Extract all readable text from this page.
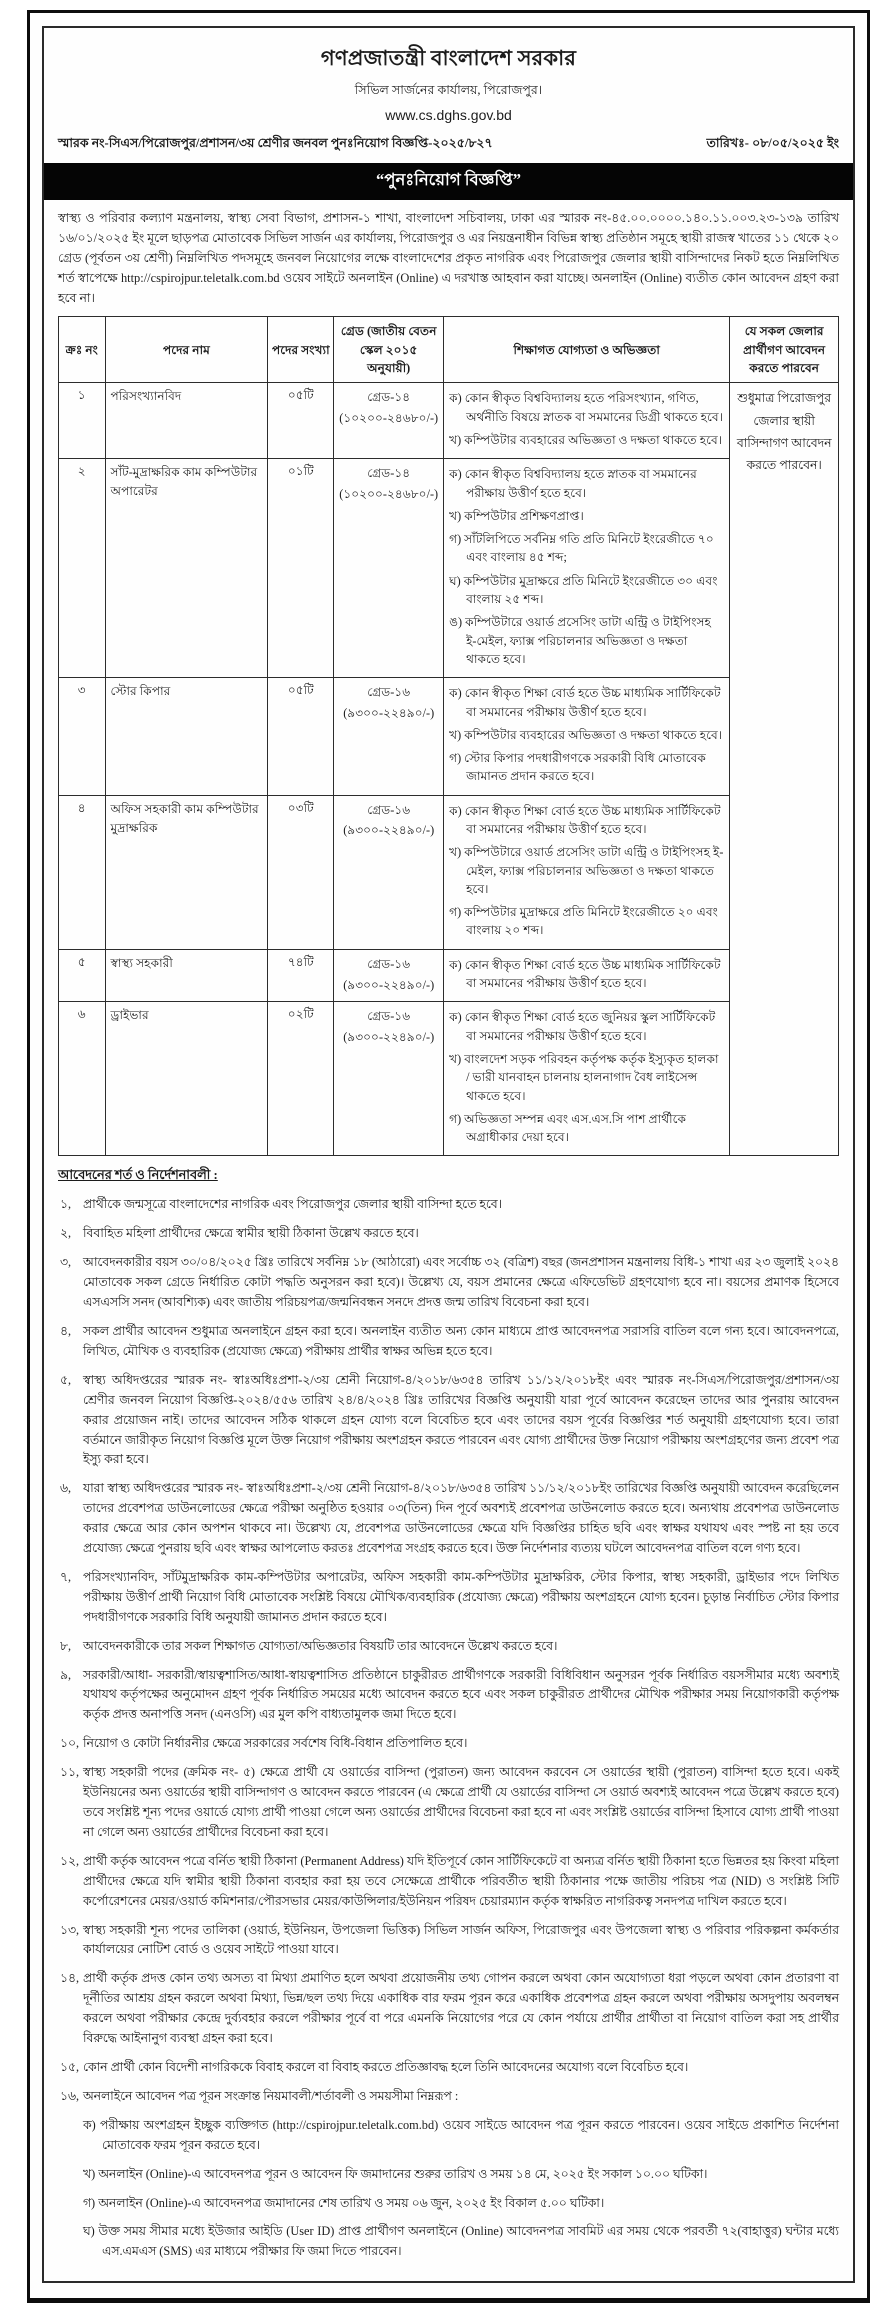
গণপ্রজাতন্ত্রী বাংলাদেশ সরকার
সিভিল সার্জনের কার্যালয়, পিরোজপুর।
www.cs.dghs.gov.bd
স্মারক নং-সিএস/পিরোজপুর/প্রশাসন/৩য় শ্রেণীর জনবল পুনঃনিয়োগ বিজ্ঞপ্তি-২০২৫/৮২৭	তারিখঃ- ০৮/০৫/২০২৫ ইং
“পুনঃনিয়োগ বিজ্ঞপ্তি”

স্বাস্থ্য ও পরিবার কল্যাণ মন্ত্রনালয়, স্বাস্থ্য সেবা বিভাগ, প্রশাসন-১ শাখা, বাংলাদেশ সচিবালয়, ঢাকা এর স্মারক নং-৪৫.০০.০০০০.১৪০.১১.০০৩.২৩-১৩৯ তারিখ ১৬/০১/২০২৫ ইং মূলে ছাড়পত্র মোতাবেক সিভিল সার্জন এর কার্যালয়, পিরোজপুর ও এর নিয়ন্ত্রনাধীন বিভিন্ন স্বাস্থ্য প্রতিষ্ঠান সমূহে স্থায়ী রাজস্ব খাতের ১১ থেকে ২০ গ্রেড (পূর্বতন ৩য় শ্রেণী) নিম্নলিখিত পদসমূহে জনবল নিয়োগের লক্ষে বাংলাদেশের প্রকৃত নাগরিক এবং পিরোজপুর জেলার স্থায়ী বাসিন্দাদের নিকট হতে নিম্নলিখিত শর্ত স্বাপেক্ষে http://cspirojpur.teletalk.com.bd ওয়েব সাইটে অনলাইন (Online) এ দরখাস্ত আহবান করা যাচ্ছে। অনলাইন (Online) ব্যতীত কোন আবেদন গ্রহণ করা হবে না।

ক্রঃ নং	পদের নাম	পদের সংখ্যা	গ্রেড (জাতীয় বেতন স্কেল ২০১৫ অনুযায়ী)	শিক্ষাগত যোগ্যতা ও অভিজ্ঞতা	যে সকল জেলার প্রার্থীগণ আবেদন করতে পারবেন
১	পরিসংখ্যানবিদ	০৫টি	গ্রেড-১৪
(১০২০০-২৪৬৮০/-)

ক) কোন স্বীকৃত বিশ্ববিদ্যালয় হতে পরিসংখ্যান, গণিত, অর্থনীতি বিষয়ে স্নাতক বা সমমানের ডিগ্রী থাকতে হবে।
খ) কম্পিউটার ব্যবহারের অভিজ্ঞতা ও দক্ষতা থাকতে হবে।
	শুধুমাত্র পিরোজপুর জেলার স্থায়ী বাসিন্দাগণ আবেদন করতে পারবেন।
২	সাঁট-মুদ্রাক্ষরিক কাম কম্পিউটার অপারেটর	০১টি	গ্রেড-১৪
(১০২০০-২৪৬৮০/-)

ক) কোন স্বীকৃত বিশ্ববিদ্যালয় হতে স্নাতক বা সমমানের পরীক্ষায় উত্তীর্ণ হতে হবে।
খ) কম্পিউটার প্রশিক্ষণপ্রাপ্ত।
গ) সাঁটলিপিতে সর্বনিম্ন গতি প্রতি মিনিটে ইংরেজীতে ৭০ এবং বাংলায় ৪৫ শব্দ;
ঘ) কম্পিউটার মুদ্রাক্ষরে প্রতি মিনিটে ইংরেজীতে ৩০ এবং বাংলায় ২৫ শব্দ।
ঙ) কম্পিউটারে ওয়ার্ড প্রসেসিং ডাটা এন্ট্রি ও টাইপিংসহ ই-মেইল, ফ্যাক্স পরিচালনার অভিজ্ঞতা ও দক্ষতা থাকতে হবে।

৩	স্টোর কিপার	০৫টি	গ্রেড-১৬
(৯৩০০-২২৪৯০/-)

ক) কোন স্বীকৃত শিক্ষা বোর্ড হতে উচ্চ মাধ্যমিক সার্টিফিকেট বা সমমানের পরীক্ষায় উত্তীর্ণ হতে হবে।
খ) কম্পিউটার ব্যবহারের অভিজ্ঞতা ও দক্ষতা থাকতে হবে।
গ) স্টোর কিপার পদধারীগণকে সরকারী বিধি মোতাবেক জামানত প্রদান করতে হবে।

৪	অফিস সহকারী কাম কম্পিউটার মুদ্রাক্ষরিক	০৩টি	গ্রেড-১৬
(৯৩০০-২২৪৯০/-)

ক) কোন স্বীকৃত শিক্ষা বোর্ড হতে উচ্চ মাধ্যমিক সার্টিফিকেট বা সমমানের পরীক্ষায় উত্তীর্ণ হতে হবে।
খ) কম্পিউটারে ওয়ার্ড প্রসেসিং ডাটা এন্ট্রি ও টাইপিংসহ ই-মেইল, ফ্যাক্স পরিচালনার অভিজ্ঞতা ও দক্ষতা থাকতে হবে।
গ) কম্পিউটার মুদ্রাক্ষরে প্রতি মিনিটে ইংরেজীতে ২০ এবং বাংলায় ২০ শব্দ।

৫	স্বাস্থ্য সহকারী	৭৪টি	গ্রেড-১৬
(৯৩০০-২২৪৯০/-)	ক) কোন স্বীকৃত শিক্ষা বোর্ড হতে উচ্চ মাধ্যমিক সার্টিফিকেট বা সমমানের পরীক্ষায় উত্তীর্ণ হতে হবে।	

৬	ড্রাইভার	০২টি	গ্রেড-১৬
(৯৩০০-২২৪৯০/-)

ক) কোন স্বীকৃত শিক্ষা বোর্ড হতে জুনিয়র স্কুল সার্টিফিকেট বা সমমানের পরীক্ষায় উত্তীর্ণ হতে হবে।
খ) বাংলদেশ সড়ক পরিবহন কর্তৃপক্ষ কর্তৃক ইস্যুকৃত হালকা / ভারী যানবাহন চালনায় হালনাগাদ বৈধ লাইসেন্স থাকতে হবে।
গ) অভিজ্ঞতা সম্পন্ন এবং এস.এস.সি পাশ প্রার্থীকে অগ্রাধীকার দেয়া হবে।
আবেদনের শর্ত ও নির্দেশনাবলী :
১, প্রার্থীকে জন্মসূত্রে বাংলাদেশের নাগরিক এবং পিরোজপুর জেলার স্থায়ী বাসিন্দা হতে হবে।
২, বিবাহিত মহিলা প্রার্থীদের ক্ষেত্রে স্বামীর স্থায়ী ঠিকানা উল্লেখ করতে হবে।
৩, আবেদনকারীর বয়স ৩০/০৪/২০২৫ খ্রিঃ তারিখে সর্বনিম্ন ১৮ (আঠারো) এবং সর্বোচ্চ ৩২ (বত্রিশ) বছর (জনপ্রশাসন মন্ত্রনালয় বিধি-১ শাখা এর ২৩ জুলাই ২০২৪ মোতাবেক সকল গ্রেডে নির্ধারিত কোটা পদ্ধতি অনুসরন করা হবে)। উল্লেখ্য যে, বয়স প্রমানের ক্ষেত্রে এফিডেভিট গ্রহণযোগ্য হবে না। বয়সের প্রমাণক হিসেবে এসএসসি সনদ (আবশ্যিক) এবং জাতীয় পরিচয়পত্র/জন্মনিবন্ধন সনদে প্রদত্ত জন্ম তারিখ বিবেচনা করা হবে।
৪, সকল প্রার্থীর আবেদন শুধুমাত্র অনলাইনে গ্রহন করা হবে। অনলাইন ব্যতীত অন্য কোন মাধ্যমে প্রাপ্ত আবেদনপত্র সরাসরি বাতিল বলে গন্য হবে। আবেদনপত্রে, লিখিত, মৌখিক ও ব্যবহারিক (প্রযোজ্য ক্ষেত্রে) পরীক্ষায় প্রার্থীর স্বাক্ষর অভিন্ন হতে হবে।
৫, স্বাস্থ্য অধিদপ্তরের স্মারক নং- স্বাঃঅধিঃপ্রশা-২/৩য় শ্রেনী নিয়োগ-৪/২০১৮/৬৩৫৪ তারিখ ১১/১২/২০১৮ইং এবং স্মারক নং-সিএস/পিরোজপুর/প্রশাসন/৩য় শ্রেণীর জনবল নিয়োগ বিজ্ঞপ্তি-২০২৪/৫৫৬ তারিখ ২৪/৪/২০২৪ খ্রিঃ তারিখের বিজ্ঞপ্তি অনুযায়ী যারা পূর্বে আবেদন করেছেন তাদের আর পুনরায় আবেদন করার প্রয়োজন নাই। তাদের আবেদন সঠিক থাকলে গ্রহন যোগ্য বলে বিবেচিত হবে এবং তাদের বয়স পূর্বের বিজ্ঞপ্তির শর্ত অনুযায়ী গ্রহণযোগ্য হবে। তারা বর্তমানে জারীকৃত নিয়োগ বিজ্ঞপ্তি মূলে উক্ত নিয়োগ পরীক্ষায় অংশগ্রহন করতে পারবেন এবং যোগ্য প্রার্থীদের উক্ত নিয়োগ পরীক্ষায় অংশগ্রহণের জন্য প্রবেশ পত্র ইস্যু করা হবে।
৬, যারা স্বাস্থ্য অধিদপ্তরের স্মারক নং- স্বাঃঅধিঃপ্রশা-২/৩য় শ্রেনী নিয়োগ-৪/২০১৮/৬৩৫৪ তারিখ ১১/১২/২০১৮ইং তারিখের বিজ্ঞপ্তি অনুযায়ী আবেদন করেছিলেন তাদের প্রবেশপত্র ডাউনলোডের ক্ষেত্রে পরীক্ষা অনুষ্ঠিত হওয়ার ০৩(তিন) দিন পূর্বে অবশ্যই প্রবেশপত্র ডাউনলোড করতে হবে। অন্যথায় প্রবেশপত্র ডাউনলোড করার ক্ষেত্রে আর কোন অপশন থাকবে না। উল্লেখ্য যে, প্রবেশপত্র ডাউনলোডের ক্ষেত্রে যদি বিজ্ঞপ্তির চাহিত ছবি এবং স্বাক্ষর যথাযথ এবং স্পষ্ট না হয় তবে প্রযোজ্য ক্ষেত্রে পুনরায় ছবি এবং স্বাক্ষর আপলোড করতঃ প্রবেশপত্র সংগ্রহ করতে হবে। উক্ত নির্দেশনার ব্যত্যয় ঘটলে আবেদনপত্র বাতিল বলে গণ্য হবে।
৭, পরিসংখ্যানবিদ, সাঁটমুদ্রাক্ষরিক কাম-কম্পিউটার অপারেটর, অফিস সহকারী কাম-কম্পিউটার মুদ্রাক্ষরিক, স্টোর কিপার, স্বাস্থ্য সহকারী, ড্রাইভার পদে লিখিত পরীক্ষায় উত্তীর্ণ প্রার্থী নিয়োগ বিধি মোতাবেক সংশ্লিষ্ট বিষয়ে মৌখিক/ব্যবহারিক (প্রযোজ্য ক্ষেত্রে) পরীক্ষায় অংশগ্রহনে যোগ্য হবেন। চূড়ান্ত নির্বাচিত স্টোর কিপার পদধারীগণকে সরকারি বিধি অনুযায়ী জামানত প্রদান করতে হবে।
৮, আবেদনকারীকে তার সকল শিক্ষাগত যোগ্যতা/অভিজ্ঞতার বিষয়টি তার আবেদনে উল্লেখ করতে হবে।
৯, সরকারী/আধা- সরকারী/স্বায়ত্বশাসিত/আধা-স্বায়ত্বশাসিত প্রতিষ্ঠানে চাকুরীরত প্রার্থীগণকে সরকারী বিধিবিধান অনুসরন পূর্বক নির্ধারিত বয়সসীমার মধ্যে অবশ্যই যথাযথ কর্তৃপক্ষের অনুমোদন গ্রহণ পূর্বক নির্ধারিত সময়ের মধ্যে আবেদন করতে হবে এবং সকল চাকুরীরত প্রার্থীদের মৌখিক পরীক্ষার সময় নিয়োগকারী কর্তৃপক্ষ কর্তৃক প্রদত্ত অনাপত্তি সনদ (এনওসি) এর মুল কপি বাধ্যতামুলক জমা দিতে হবে।
১০, নিয়োগ ও কোটা নির্ধারনীর ক্ষেত্রে সরকারের সর্বশেষ বিধি-বিধান প্রতিপালিত হবে।
১১, স্বাস্থ্য সহকারী পদের (ক্রমিক নং- ৫) ক্ষেত্রে প্রার্থী যে ওয়ার্ডের বাসিন্দা (পুরাতন) জন্য আবেদন করবেন সে ওয়ার্ডের স্থায়ী (পুরাতন) বাসিন্দা হতে হবে। একই ইউনিয়নের অন্য ওয়ার্ডের স্থায়ী বাসিন্দাগণ ও আবেদন করতে পারবেন (এ ক্ষেত্রে প্রার্থী যে ওয়ার্ডের বাসিন্দা সে ওয়ার্ড অবশ্যই আবেদন পত্রে উল্লেখ করতে হবে) তবে সংশ্লিষ্ট শূন্য পদের ওয়ার্ডে যোগ্য প্রার্থী পাওয়া গেলে অন্য ওয়ার্ডের প্রার্থীদের বিবেচনা করা হবে না এবং সংশ্লিষ্ট ওয়ার্ডের বাসিন্দা হিসাবে যোগ্য প্রার্থী পাওয়া না গেলে অন্য ওয়ার্ডের প্রার্থীদের বিবেচনা করা হবে।
১২, প্রার্থী কর্তৃক আবেদন পত্রে বর্নিত স্থায়ী ঠিকানা (Permanent Address) যদি ইতিপূর্বে কোন সার্টিফিকেটে বা অন্যত্র বর্নিত স্থায়ী ঠিকানা হতে ভিন্নতর হয় কিংবা মহিলা প্রার্থীদের ক্ষেত্রে যদি স্বামীর স্থায়ী ঠিকানা ব্যবহার করা হয় তবে সেক্ষেত্রে প্রার্থীকে পরিবর্তীত স্থায়ী ঠিকানার পক্ষে জাতীয় পরিচয় পত্র (NID) ও সংশ্লিষ্ট সিটি কর্পোরেশনের মেয়র/ওয়ার্ড কমিশনার/পৌরসভার মেয়র/কাউন্সিলার/ইউনিয়ন পরিষদ চেয়ারম্যান কর্তৃক স্বাক্ষরিত নাগরিকত্ব সনদপত্র দাখিল করতে হবে।
১৩, স্বাস্থ্য সহকারী শূন্য পদের তালিকা (ওয়ার্ড, ইউনিয়ন, উপজেলা ভিত্তিক) সিভিল সার্জন অফিস, পিরোজপুর এবং উপজেলা স্বাস্থ্য ও পরিবার পরিকল্পনা কর্মকর্তার কার্যালয়ের নোটিশ বোর্ড ও ওয়েব সাইটে পাওয়া যাবে।
১৪, প্রার্থী কর্তৃক প্রদত্ত কোন তথ্য অসত্য বা মিথ্যা প্রমাণিত হলে অথবা প্রয়োজনীয় তথ্য গোপন করলে অথবা কোন অযোগ্যতা ধরা পড়লে অথবা কোন প্রতারণা বা দূর্নীতির আশ্রয় গ্রহন করলে অথবা মিথ্যা, ভিন্ন/ছল তথ্য দিয়ে একাধিক বার ফরম পূরন করে একাধিক প্রবেশপত্র গ্রহন করলে অথবা পরীক্ষায় অসদুপায় অবলম্বন করলে অথবা পরীক্ষার কেন্দ্রে দুর্ব্যবহার করলে পরীক্ষার পূর্বে বা পরে এমনকি নিয়োগের পরে যে কোন পর্যায়ে প্রার্থীর প্রার্থীতা বা নিয়োগ বাতিল করা সহ প্রার্থীর বিরুদ্ধে আইনানুগ ব্যবস্থা গ্রহন করা হবে।
১৫, কোন প্রার্থী কোন বিদেশী নাগরিককে বিবাহ করলে বা বিবাহ করতে প্রতিজ্ঞাবদ্ধ হলে তিনি আবেদনের অযোগ্য বলে বিবেচিত হবে।
১৬, অনলাইনে আবেদন পত্র পূরন সংক্রান্ত নিয়মাবলী/শর্তাবলী ও সময়সীমা নিম্নরূপ :
ক) পরীক্ষায় অংশগ্রহন ইচ্ছুক ব্যক্তিগত (http://cspirojpur.teletalk.com.bd) ওয়েব সাইডে আবেদন পত্র পূরন করতে পারবেন। ওয়েব সাইডে প্রকাশিত নির্দেশনা মোতাবেক ফরম পূরন করতে হবে।
খ) অনলাইন (Online)-এ আবেদনপত্র পূরন ও আবেদন ফি জমাদানের শুরুর তারিখ ও সময় ১৪ মে, ২০২৫ ইং সকাল ১০.০০ ঘটিকা।
গ) অনলাইন (Online)-এ আবেদনপত্র জমাদানের শেষ তারিখ ও সময় ০৬ জুন, ২০২৫ ইং বিকাল ৫.০০ ঘটিকা।
ঘ) উক্ত সময় সীমার মধ্যে ইউজার আইডি (User ID) প্রাপ্ত প্রার্থীগণ অনলাইনে (Online) আবেদনপত্র সাবমিট এর সময় থেকে পরবর্তী ৭২(বাহাত্তুর) ঘন্টার মধ্যে এস.এমএস (SMS) এর মাধ্যমে পরীক্ষার ফি জমা দিতে পারবেন।
